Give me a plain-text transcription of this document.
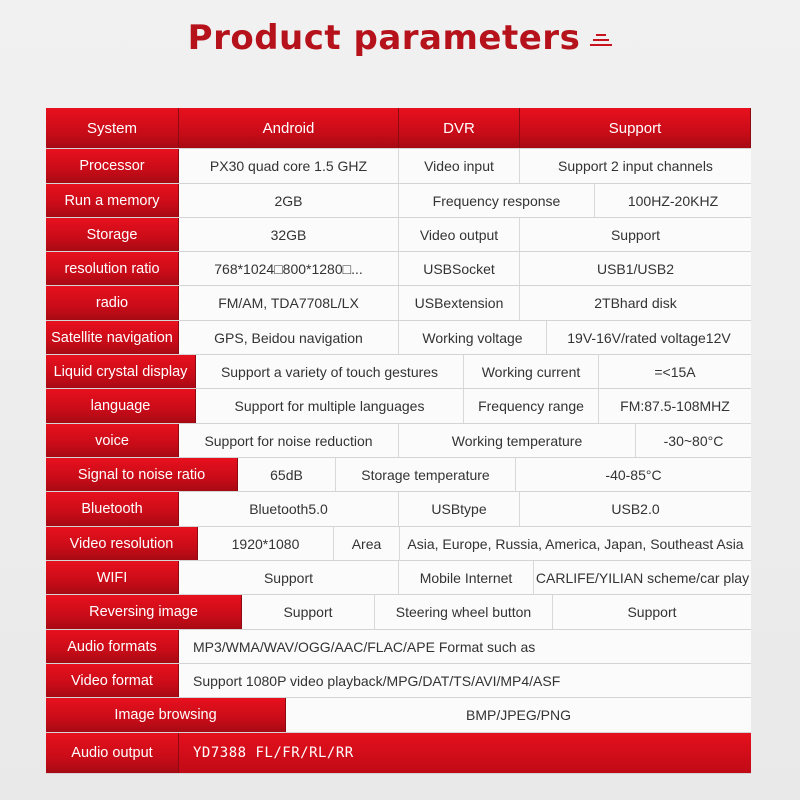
Product parameters
System	Android	DVR	Support
Processor	PX30 quad core 1.5 GHZ	Video input	Support 2 input channels
Run a memory	2GB	Frequency response	100HZ-20KHZ
Storage	32GB	Video output	Support
resolution ratio	768*1024□800*1280□...	USBSocket	USB1/USB2
radio	FM/AM, TDA7708L/LX	USBextension	2TBhard disk
Satellite navigation	GPS, Beidou navigation	Working voltage	19V-16V/rated voltage12V
Liquid crystal display	Support a variety of touch gestures	Working current	=<15A
language	Support for multiple languages	Frequency range	FM:87.5-108MHZ
voice	Support for noise reduction	Working temperature	-30~80°C
Signal to noise ratio	65dB	Storage temperature	-40-85°C
Bluetooth	Bluetooth5.0	USBtype	USB2.0
Video resolution	1920*1080	Area	Asia, Europe, Russia, America, Japan, Southeast Asia
WIFI	Support	Mobile Internet	CARLIFE/YILIAN scheme/car play
Reversing image	Support	Steering wheel button	Support
Audio formats	MP3/WMA/WAV/OGG/AAC/FLAC/APE Format such as
Video format	Support 1080P video playback/MPG/DAT/TS/AVI/MP4/ASF
Image browsing	BMP/JPEG/PNG
Audio output	YD7388 FL/FR/RL/RR
